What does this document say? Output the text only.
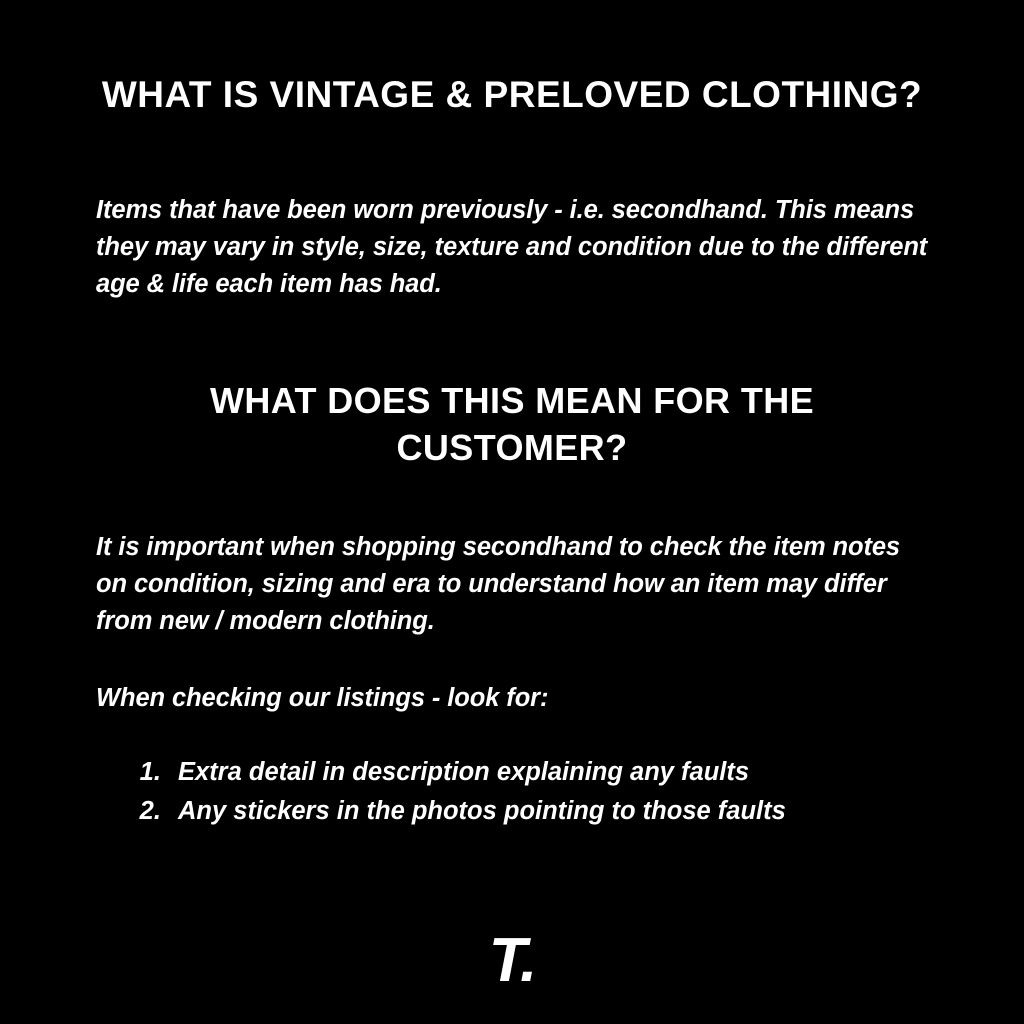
WHAT IS VINTAGE & PRELOVED CLOTHING?
Items that have been worn previously - i.e. secondhand. This means they may vary in style, size, texture and condition due to the different age & life each item has had.
WHAT DOES THIS MEAN FOR THE CUSTOMER?
It is important when shopping secondhand to check the item notes on condition, sizing and era to understand how an item may differ from new / modern clothing.
When checking our listings - look for:
1. Extra detail in description explaining any faults
2. Any stickers in the photos pointing to those faults
T.
